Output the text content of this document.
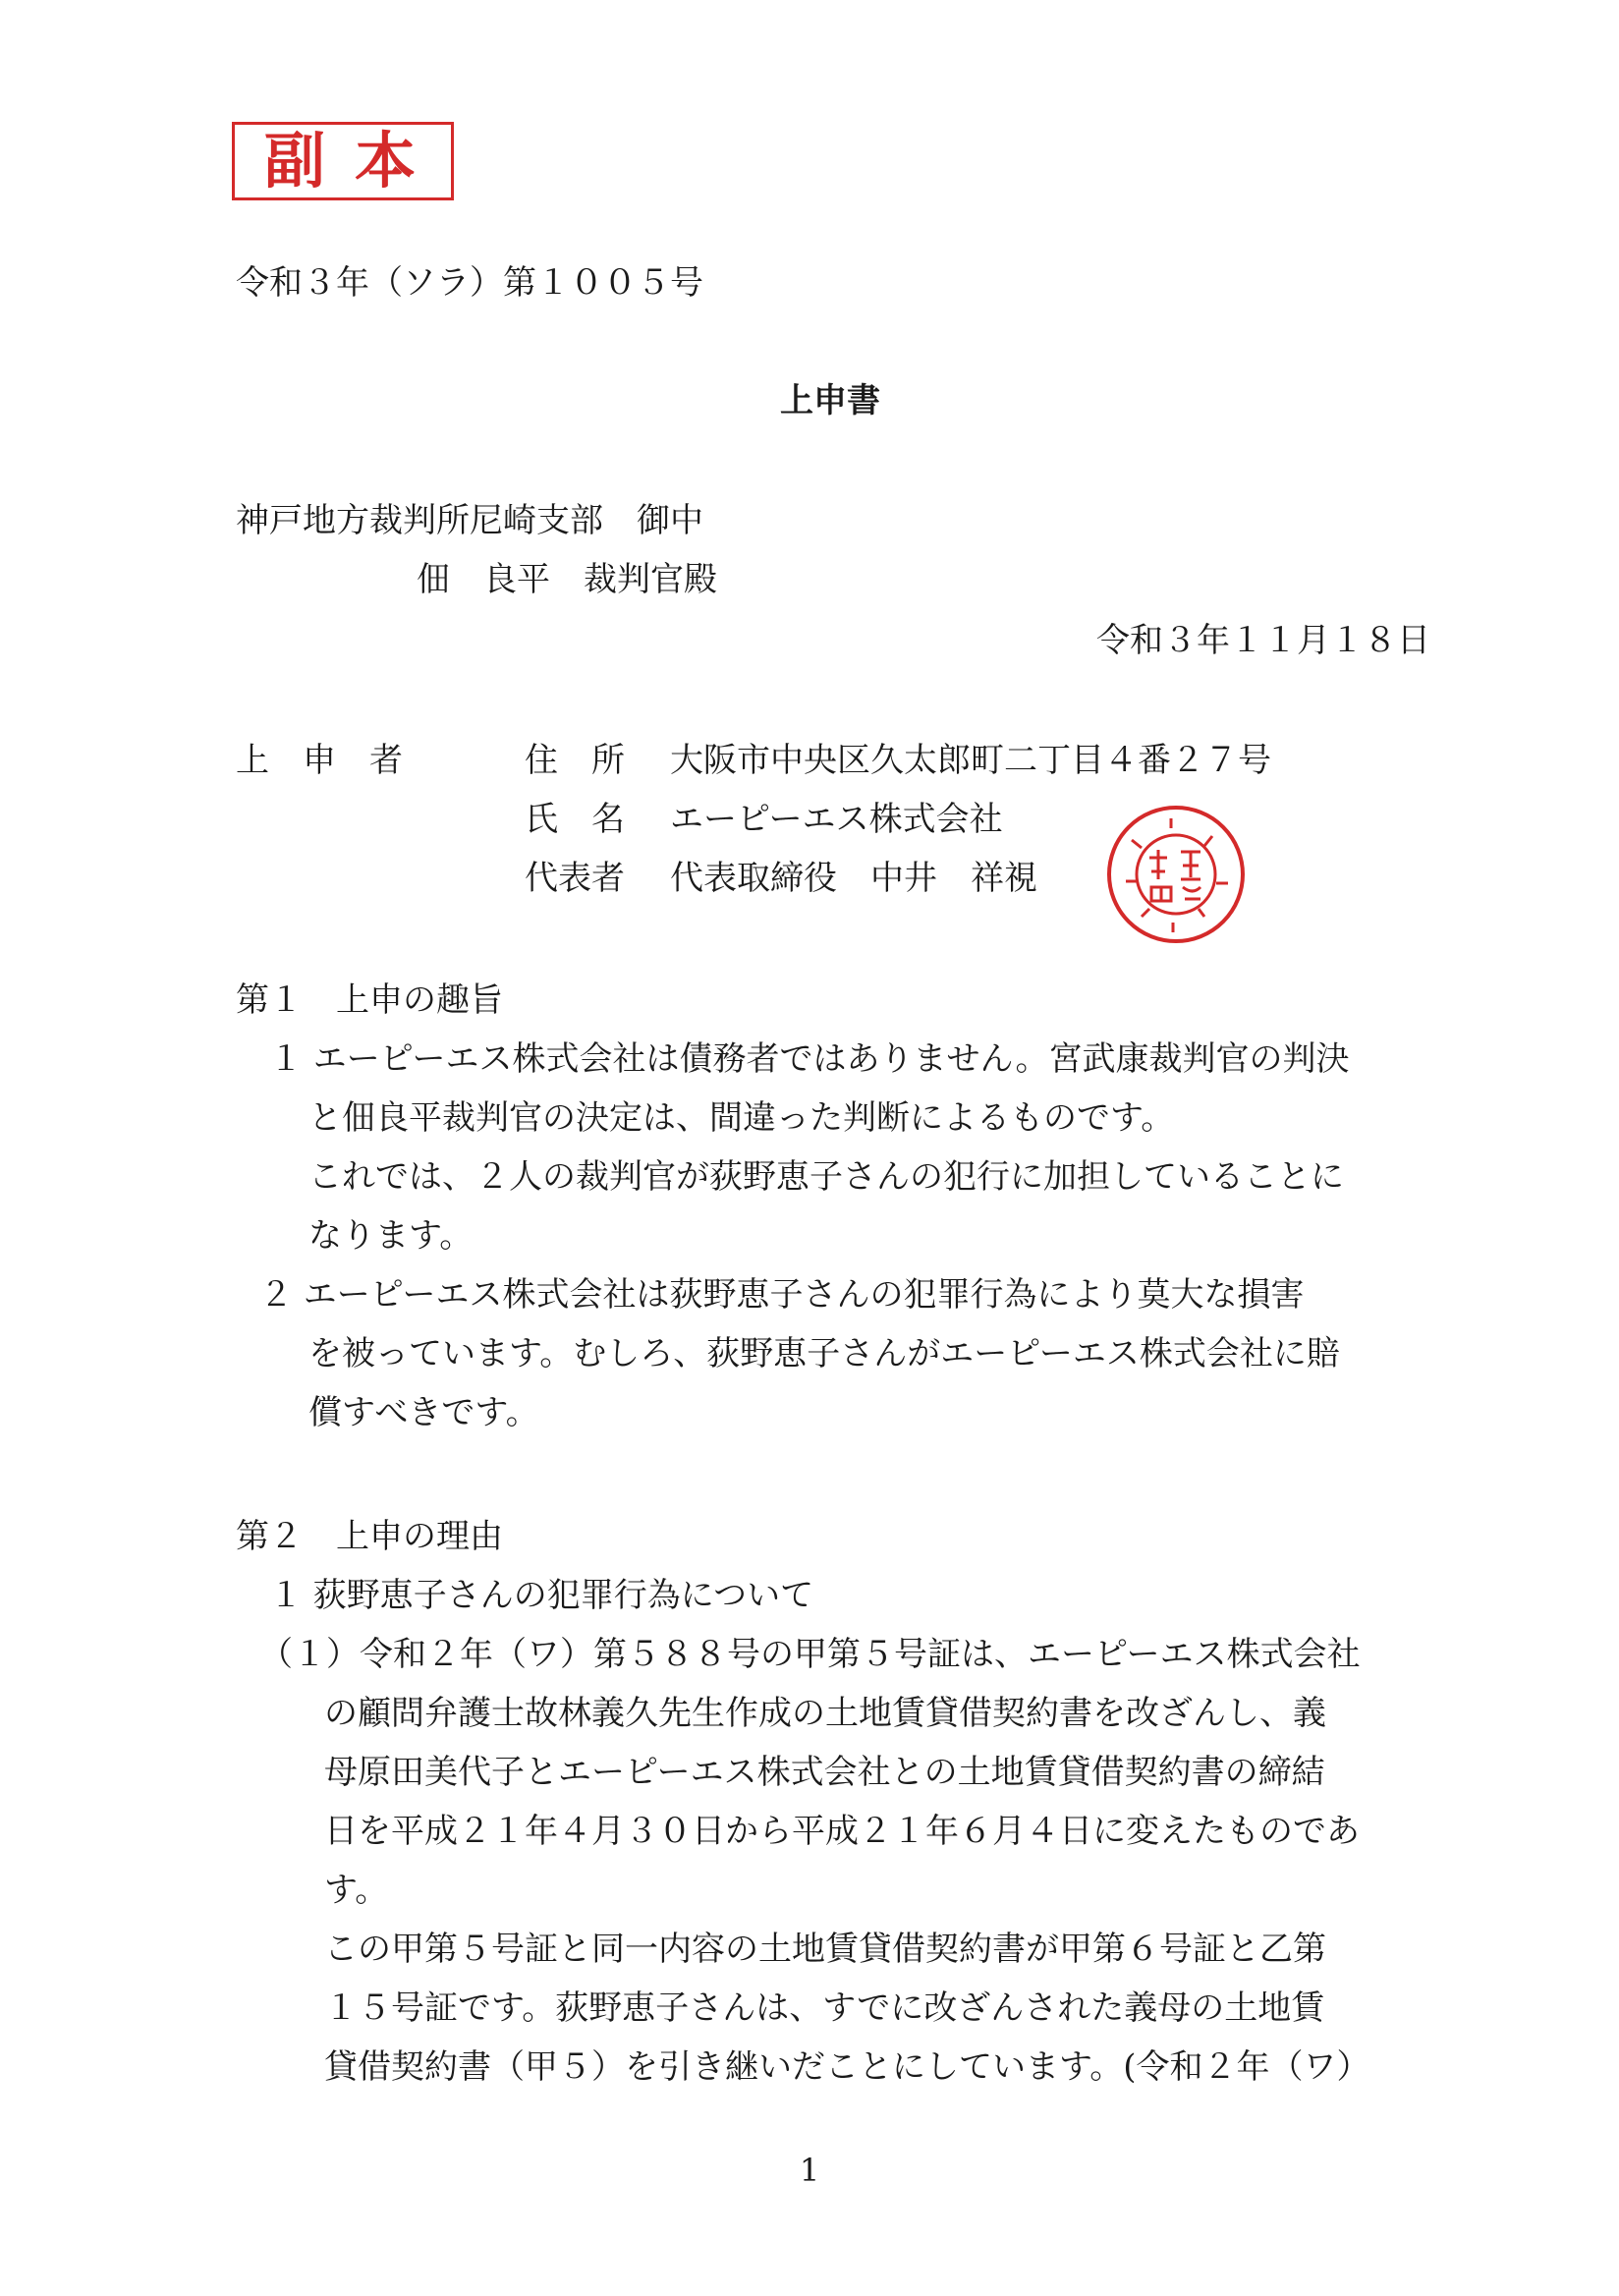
副本
令和３年（ソラ）第１００５号
上申書
神戸地方裁判所尼崎支部　御中
佃　良平　裁判官殿
令和３年１１月１８日
上　申　者	住　所 大阪市中央区久太郎町二丁目４番２７号
氏　名 エーピーエス株式会社
代表者 代表取締役　中井　祥視
第１　上申の趣旨
１ エーピーエス株式会社は債務者ではありません。宮武康裁判官の判決
と佃良平裁判官の決定は、間違った判断によるものです。
これでは、２人の裁判官が荻野恵子さんの犯行に加担していることに
なります。
２ エーピーエス株式会社は荻野恵子さんの犯罪行為により莫大な損害
を被っています。むしろ、荻野恵子さんがエーピーエス株式会社に賠
償すべきです。
第２　上申の理由
１ 荻野恵子さんの犯罪行為について
（１）令和２年（ワ）第５８８号の甲第５号証は、エーピーエス株式会社
の顧問弁護士故林義久先生作成の土地賃貸借契約書を改ざんし、義
母原田美代子とエーピーエス株式会社との土地賃貸借契約書の締結
日を平成２１年４月３０日から平成２１年６月４日に変えたものであ
す。
この甲第５号証と同一内容の土地賃貸借契約書が甲第６号証と乙第
１５号証です。荻野恵子さんは、すでに改ざんされた義母の土地賃
貸借契約書（甲５）を引き継いだことにしています。(令和２年（ワ）
1
